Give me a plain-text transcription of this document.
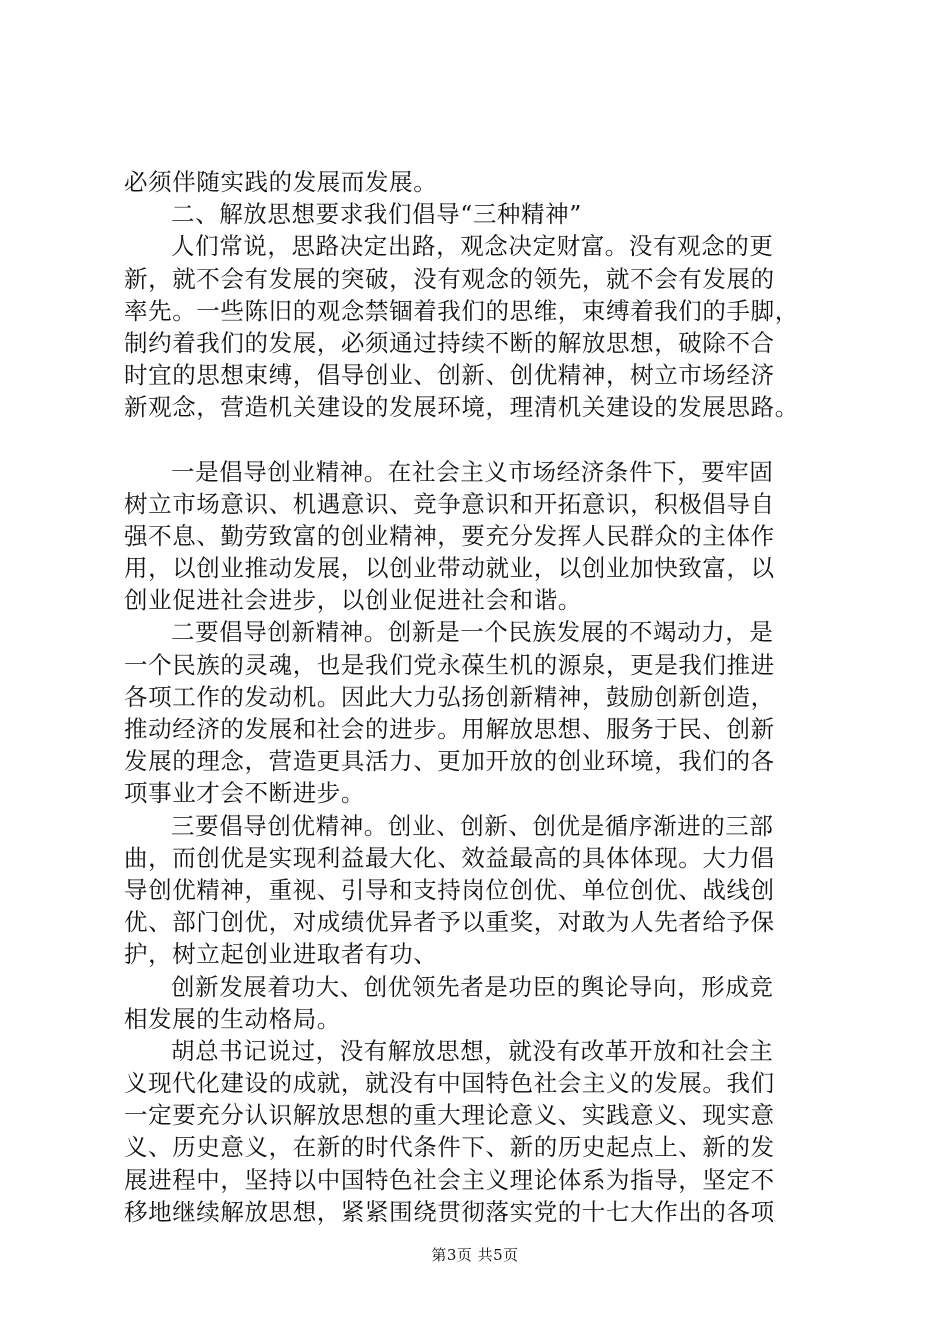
必须伴随实践的发展而发展。
二、解放思想要求我们倡导“三种精神”
人们常说，思路决定出路，观念决定财富。没有观念的更
新，就不会有发展的突破，没有观念的领先，就不会有发展的
率先。一些陈旧的观念禁锢着我们的思维，束缚着我们的手脚，
制约着我们的发展，必须通过持续不断的解放思想，破除不合
时宜的思想束缚，倡导创业、创新、创优精神，树立市场经济
新观念，营造机关建设的发展环境，理清机关建设的发展思路。
一是倡导创业精神。在社会主义市场经济条件下，要牢固
树立市场意识、机遇意识、竞争意识和开拓意识，积极倡导自
强不息、勤劳致富的创业精神，要充分发挥人民群众的主体作
用，以创业推动发展，以创业带动就业，以创业加快致富，以
创业促进社会进步，以创业促进社会和谐。
二要倡导创新精神。创新是一个民族发展的不竭动力，是
一个民族的灵魂，也是我们党永葆生机的源泉，更是我们推进
各项工作的发动机。因此大力弘扬创新精神，鼓励创新创造，
推动经济的发展和社会的进步。用解放思想、服务于民、创新
发展的理念，营造更具活力、更加开放的创业环境，我们的各
项事业才会不断进步。
三要倡导创优精神。创业、创新、创优是循序渐进的三部
曲，而创优是实现利益最大化、效益最高的具体体现。大力倡
导创优精神，重视、引导和支持岗位创优、单位创优、战线创
优、部门创优，对成绩优异者予以重奖，对敢为人先者给予保
护，树立起创业进取者有功、
创新发展着功大、创优领先者是功臣的舆论导向，形成竞
相发展的生动格局。
胡总书记说过，没有解放思想，就没有改革开放和社会主
义现代化建设的成就，就没有中国特色社会主义的发展。我们
一定要充分认识解放思想的重大理论意义、实践意义、现实意
义、历史意义，在新的时代条件下、新的历史起点上、新的发
展进程中，坚持以中国特色社会主义理论体系为指导，坚定不
移地继续解放思想，紧紧围绕贯彻落实党的十七大作出的各项
第3页 共5页
